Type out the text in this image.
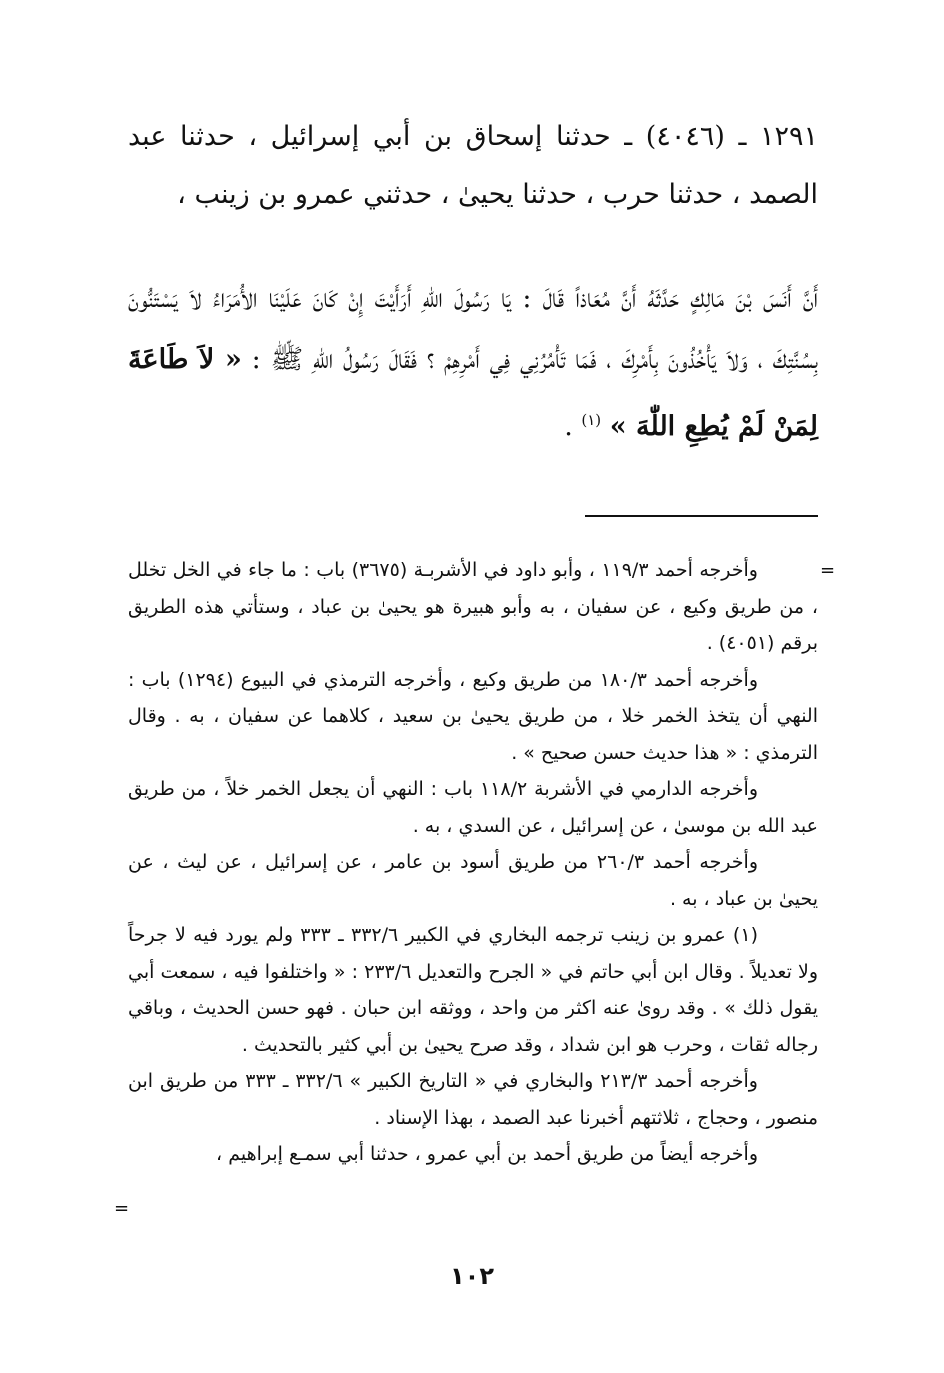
١٢٩١ ـ (٤٠٤٦) ـ حدثنا إسحاق بن أبي إسرائيل ، حدثنا عبد الصمد ، حدثنا حرب ، حدثنا يحيىٰ ، حدثني عمرو بن زينب ،
أَنَّ أَنَسَ بْنَ مَالِكٍ حَدَّثَهُ أَنَّ مُعَاذاً قَالَ : يَا رَسُولَ اللهِ أَرَأَيْتَ إِنْ كَانَ عَلَيْنَا الأُمَرَاءُ لاَ يَسْتَنُّونَ بِسُنَّتِكَ ، وَلاَ يَأْخُذُونَ بِأَمْرِكَ ، فَمَا تَأْمُرُنِي فِي أَمْرِهِمْ ؟ فَقَالَ رَسُولُ اللهِ ﷺ : « لاَ طَاعَةَ لِمَنْ لَمْ يُطِعِ اللّٰهَ » $^{(١)}$ .
=

وأخرجه أحمد ١١٩/٣ ، وأبو داود في الأشربـة (٣٦٧٥) باب : ما جاء في الخل تخلل ، من طريق وكيع ، عن سفيان ، به وأبو هبيرة هو يحيىٰ بن عباد ، وستأتي هذه الطريق برقم (٤٠٥١) .

وأخرجه أحمد ١٨٠/٣ من طريق وكيع ، وأخرجه الترمذي في البيوع (١٢٩٤) باب : النهي أن يتخذ الخمر خلا ، من طريق يحيىٰ بن سعيد ، كلاهما عن سفيان ، به . وقال الترمذي : « هذا حديث حسن صحيح » .

وأخرجه الدارمي في الأشربة ١١٨/٢ باب : النهي أن يجعل الخمر خلاً ، من طريق عبد الله بن موسىٰ ، عن إسرائيل ، عن السدي ، به .

وأخرجه أحمد ٢٦٠/٣ من طريق أسود بن عامر ، عن إسرائيل ، عن ليث ، عن يحيىٰ بن عباد ، به .

(١) عمرو بن زينب ترجمه البخاري في الكبير ٣٣٢/٦ ـ ٣٣٣ ولم يورد فيه لا جرحاً ولا تعديلاً . وقال ابن أبي حاتم في « الجرح والتعديل ٢٣٣/٦ : « واختلفوا فيه ، سمعت أبي يقول ذلك » . وقد روىٰ عنه اكثر من واحد ، ووثقه ابن حبان . فهو حسن الحديث ، وباقي رجاله ثقات ، وحرب هو ابن شداد ، وقد صرح يحيىٰ بن أبي كثير بالتحديث .

وأخرجه أحمد ٢١٣/٣ والبخاري في « التاريخ الكبير » ٣٣٢/٦ ـ ٣٣٣ من طريق ابن منصور ، وحجاج ، ثلاثتهم أخبرنا عبد الصمد ، بهذا الإسناد .

وأخرجه أيضاً من طريق أحمد بن أبي عمرو ، حدثنا أبي سمـع إبراهيم ،

=
١٠٢
